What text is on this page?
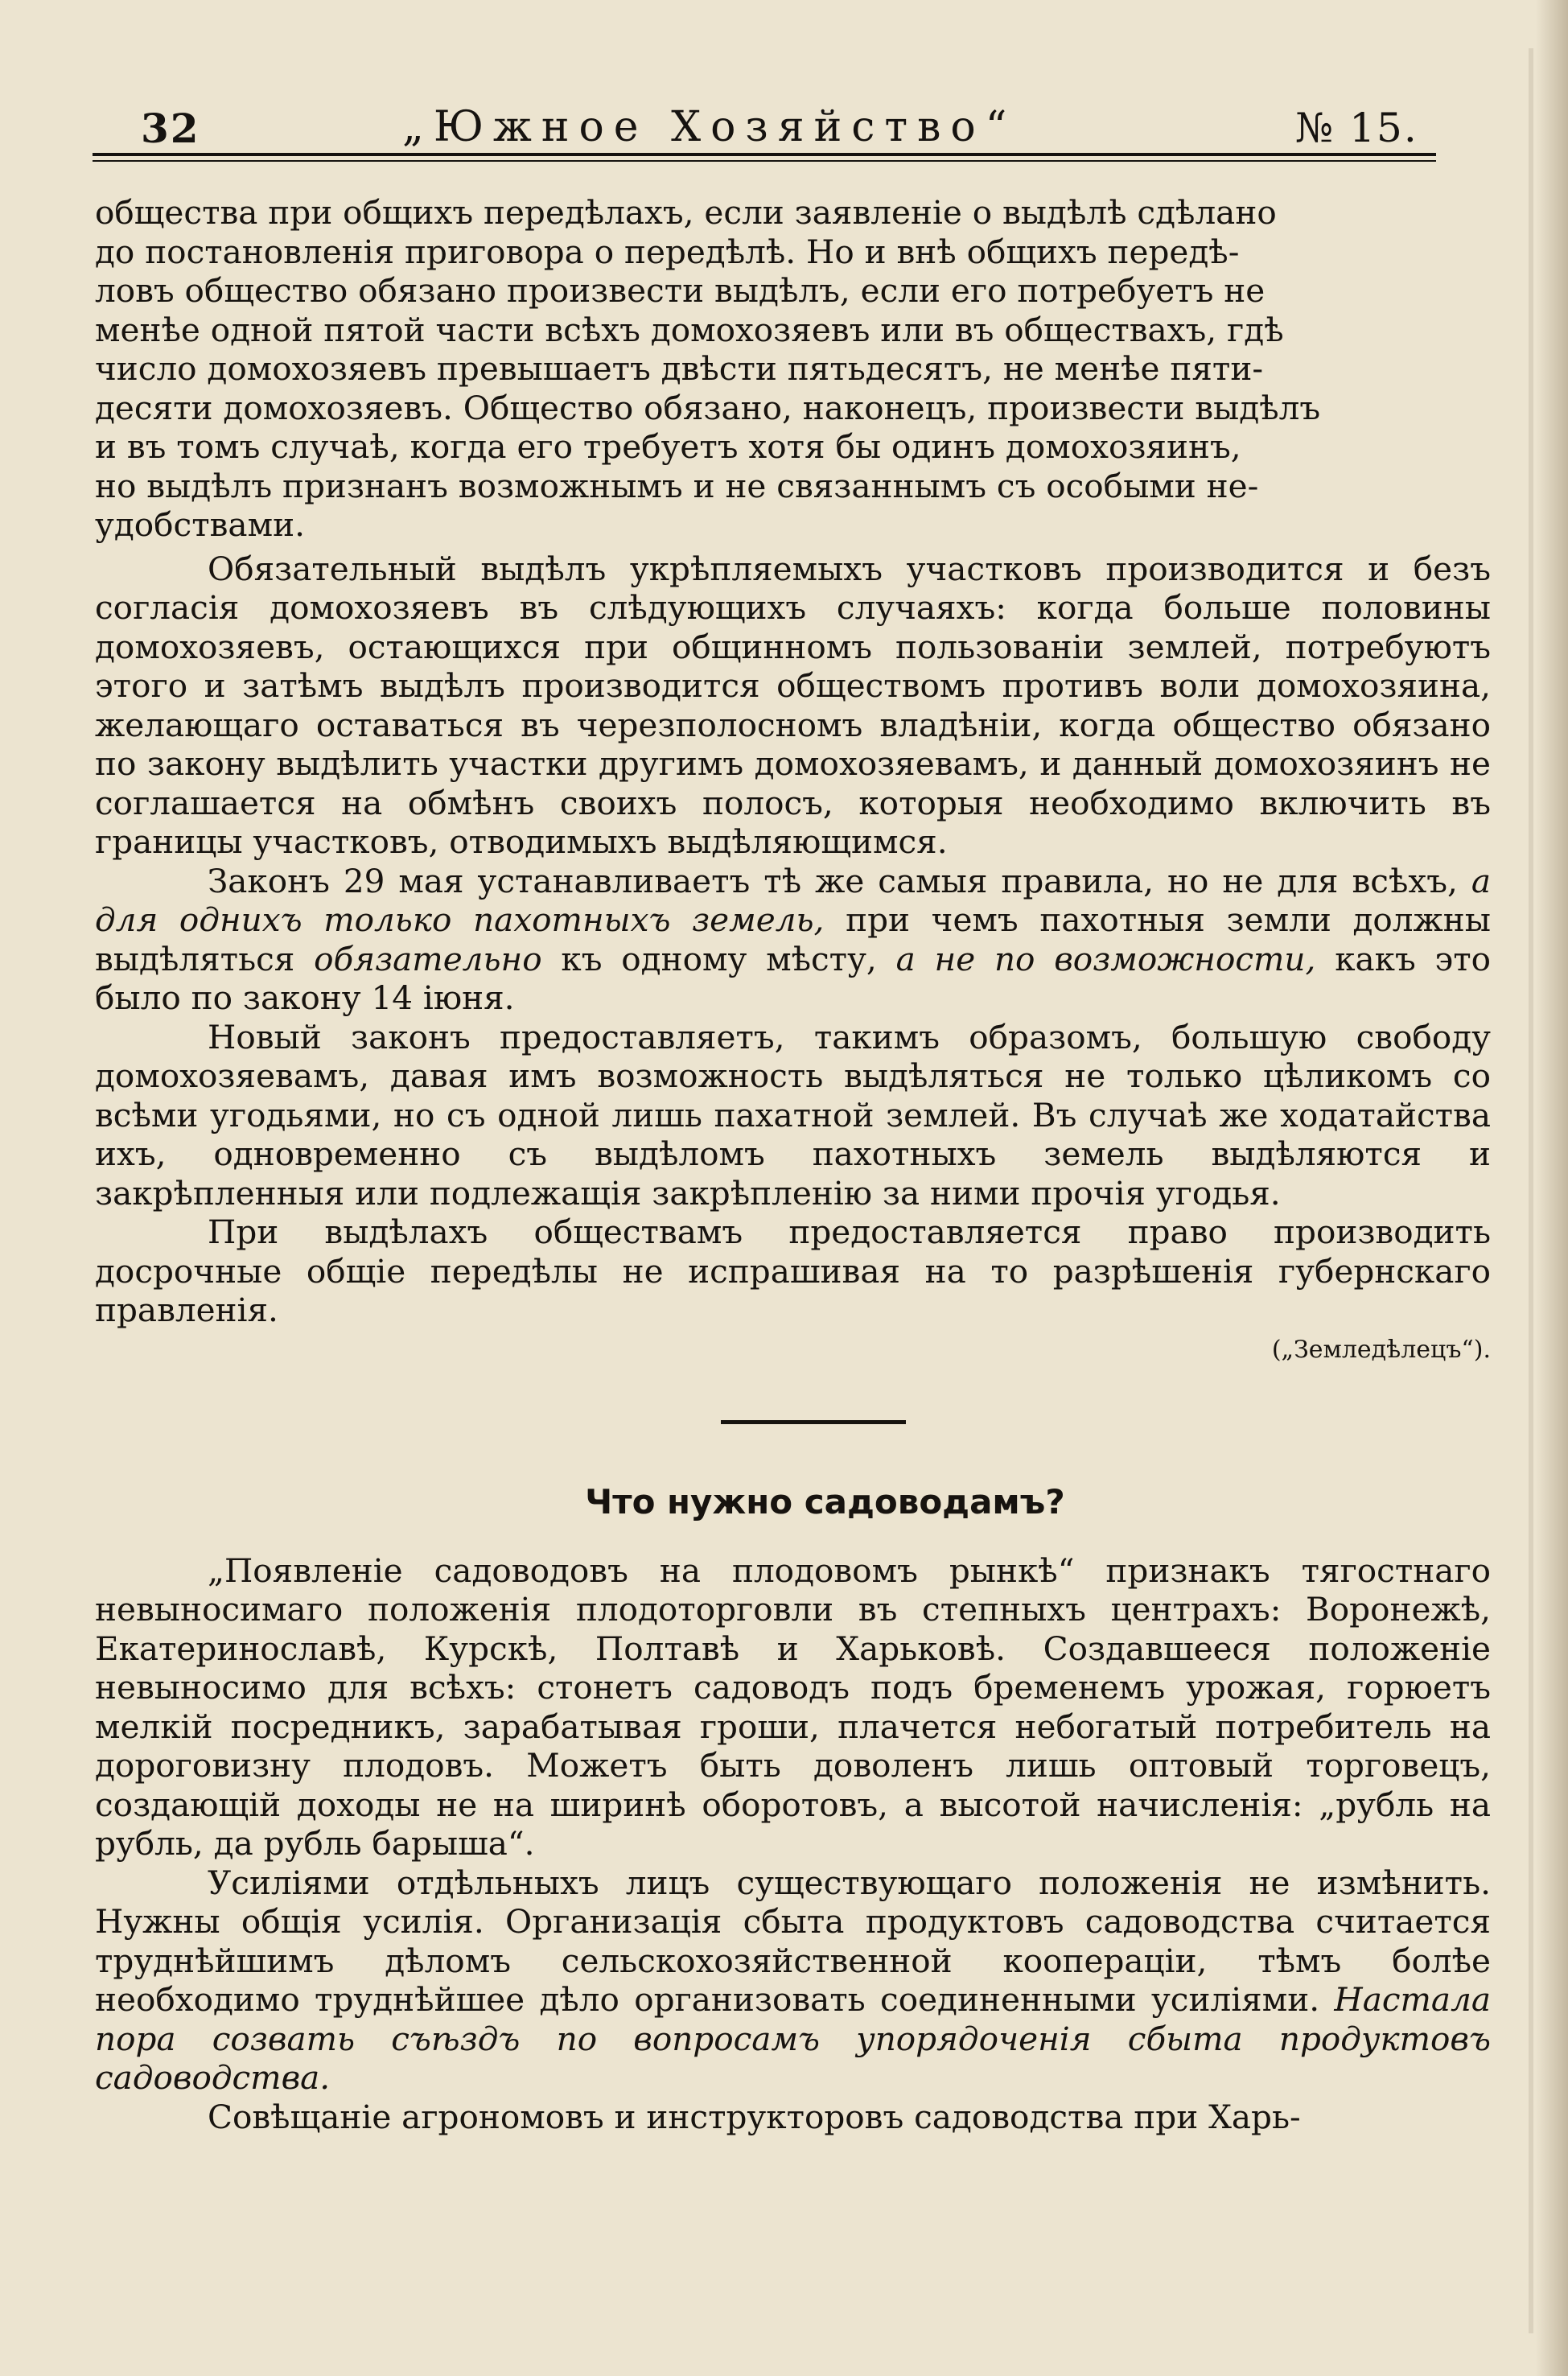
32	„Южное Хозяйство“	№ 15.

общества при общихъ передѣлахъ, если заявленіе о выдѣлѣ сдѣлано

до постановленія приговора о передѣлѣ. Но и внѣ общихъ передѣ-

ловъ общество обязано произвести выдѣлъ, если его потребуетъ не

менѣе одной пятой части всѣхъ домохозяевъ или въ обществахъ, гдѣ

число домохозяевъ превышаетъ двѣсти пятьдесятъ, не менѣе пяти-

десяти домохозяевъ. Общество обязано, наконецъ, произвести выдѣлъ

и въ томъ случаѣ, когда его требуетъ хотя бы одинъ домохозяинъ,

но выдѣлъ признанъ возможнымъ и не связаннымъ съ особыми не-

удобствами.

Обязательный выдѣлъ укрѣпляемыхъ участковъ производится и безъ согласія домохозяевъ въ слѣдующихъ случаяхъ: когда больше половины домохозяевъ, остающихся при общинномъ пользованіи землей, потребуютъ этого и затѣмъ выдѣлъ производится обществомъ противъ воли домохозяина, желающаго оставаться въ черезполосномъ владѣніи, когда общество обязано по закону выдѣлить участки другимъ домохозяевамъ, и данный домохозяинъ не соглашается на обмѣнъ своихъ полосъ, которыя необходимо включить въ границы участковъ, отводимыхъ выдѣляющимся.

Законъ 29 мая устанавливаетъ тѣ же самыя правила, но не для всѣхъ, а для однихъ только пахотныхъ земель, при чемъ пахотныя земли должны выдѣляться обязательно къ одному мѣсту, а не по возможности, какъ это было по закону 14 іюня.

Новый законъ предоставляетъ, такимъ образомъ, большую свободу домохозяевамъ, давая имъ возможность выдѣляться не только цѣликомъ со всѣми угодьями, но съ одной лишь пахатной землей. Въ случаѣ же ходатайства ихъ, одновременно съ выдѣломъ пахотныхъ земель выдѣляются и закрѣпленныя или подлежащія закрѣпленію за ними прочія угодья.

При выдѣлахъ обществамъ предоставляется право производить досрочные общіе передѣлы не испрашивая на то разрѣшенія губернскаго правленія.

(„Земледѣлецъ“).

Что нужно садоводамъ?

„Появленіе садоводовъ на плодовомъ рынкѣ“ признакъ тягостнаго невыносимаго положенія плодоторговли въ степныхъ центрахъ: Воронежѣ, Екатеринославѣ, Курскѣ, Полтавѣ и Харьковѣ. Создавшееся положеніе невыносимо для всѣхъ: стонетъ садоводъ подъ бременемъ урожая, горюетъ мелкій посредникъ, зарабатывая гроши, плачется небогатый потребитель на дороговизну плодовъ. Можетъ быть доволенъ лишь оптовый торговецъ, создающій доходы не на ширинѣ оборотовъ, а высотой начисленія: „рубль на рубль, да рубль барыша“.

Усиліями отдѣльныхъ лицъ существующаго положенія не измѣнить. Нужны общія усилія. Организація сбыта продуктовъ садоводства считается труднѣйшимъ дѣломъ сельскохозяйственной коопераціи, тѣмъ болѣе необходимо труднѣйшее дѣло организовать соединенными усиліями. Настала пора созвать съѣздъ по вопросамъ упорядоченія сбыта продуктовъ садоводства.

Совѣщаніе агрономовъ и инструкторовъ садоводства при Харь-
